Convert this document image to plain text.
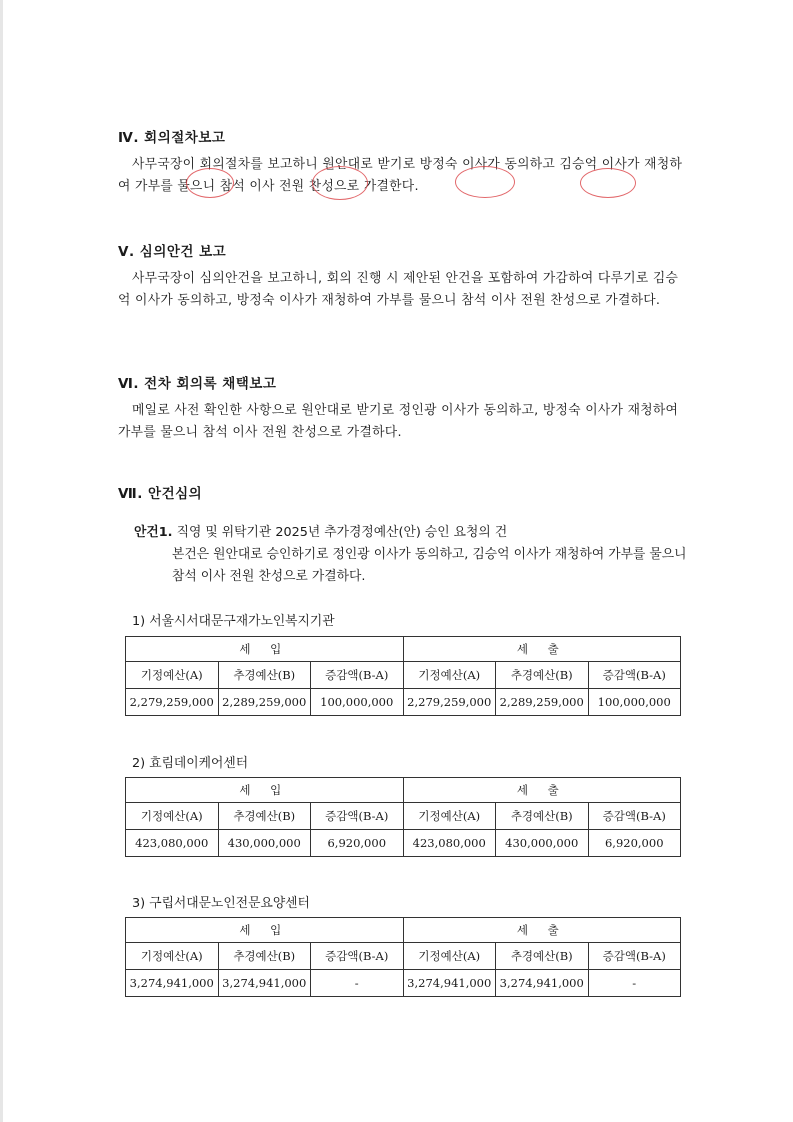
Ⅳ. 회의절차보고

사무국장이 회의절차를 보고하니 원안대로 받기로 방정숙 이사가 동의하고 김승억 이사가 재청하여 가부를 물으니 참석 이사 전원 찬성으로 가결한다.

Ⅴ. 심의안건 보고

사무국장이 심의안건을 보고하니, 회의 진행 시 제안된 안건을 포함하여 가감하여 다루기로 김승억 이사가 동의하고, 방정숙 이사가 재청하여 가부를 물으니 참석 이사 전원 찬성으로 가결하다.

Ⅵ. 전차 회의록 채택보고

메일로 사전 확인한 사항으로 원안대로 받기로 정인광 이사가 동의하고, 방정숙 이사가 재청하여 가부를 물으니 참석 이사 전원 찬성으로 가결하다.

Ⅶ. 안건심의

안건1. 직영 및 위탁기관 2025년 추가경정예산(안) 승인 요청의 건

본건은 원안대로 승인하기로 정인광 이사가 동의하고, 김승억 이사가 재청하여 가부를 물으니 참석 이사 전원 찬성으로 가결하다.

1) 서울시서대문구재가노인복지기관

세 입			세 출		
기정예산(A)	추경예산(B)	증감액(B-A)	기정예산(A)	추경예산(B)	증감액(B-A)
2,279,259,000	2,289,259,000	100,000,000	2,279,259,000	2,289,259,000	100,000,000

2) 효림데이케어센터

세 입			세 출		
기정예산(A)	추경예산(B)	증감액(B-A)	기정예산(A)	추경예산(B)	증감액(B-A)
423,080,000	430,000,000	6,920,000	423,080,000	430,000,000	6,920,000

3) 구립서대문노인전문요양센터

세 입			세 출		
기정예산(A)	추경예산(B)	증감액(B-A)	기정예산(A)	추경예산(B)	증감액(B-A)
3,274,941,000	3,274,941,000	-	3,274,941,000	3,274,941,000	-
